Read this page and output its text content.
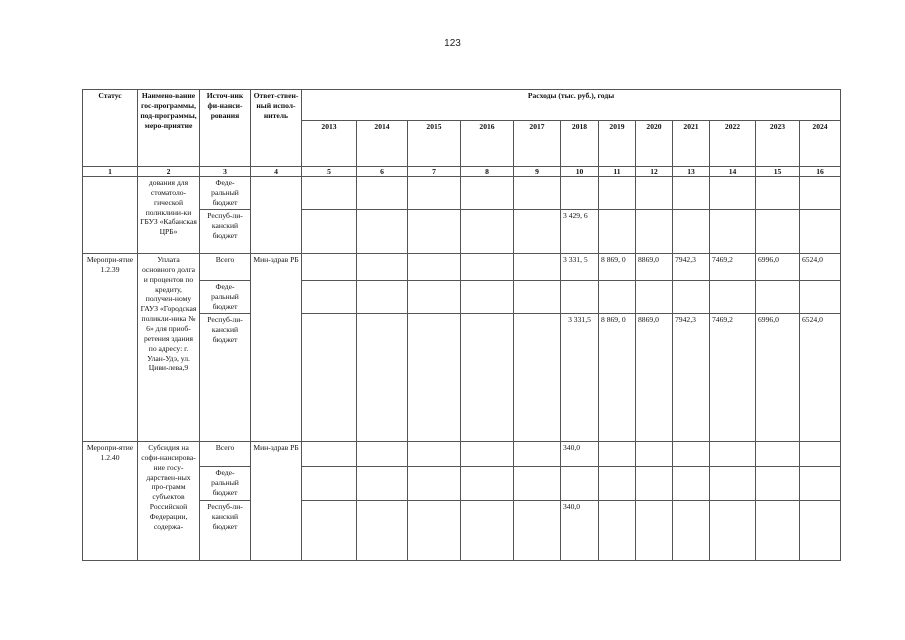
123
Статус	Наимено-вание гос-программы, под-программы, меро-приятие	Источ-ник фи-нанси-рования	Ответ-ствен-ный испол-нитель	Расходы (тыс. руб.), годы											
				2013	2014	2015	2016	2017	2018	2019	2020	2021	2022	2023	2024
1	2	3	4	5	6	7	8	9	10	11	12	13	14	15	16
	дования для стоматоло-гической поликлини-ки ГБУЗ «Кабанская ЦРБ»	Феде-ральный бюджет													
		Респуб-ли-канский бюджет							3 429, 6						
Меропри-ятие 1.2.39	Уплата основного долга и процентов по кредиту, получен-ному ГАУЗ «Городская поликли-ника № 6» для приоб-ретения здания по адресу: г. Улан-Удэ, ул. Циви-лева,9	Всего	Мин-здрав РБ						3 331, 5	8 869, 0	8869,0	7942,3	7469,2	6996,0	6524,0
		Феде-ральный бюджет													
		Респуб-ли-канский бюджет							3 331,5	8 869, 0	8869,0	7942,3	7469,2	6996,0	6524,0
Меропри-ятие 1.2.40	Субсидия на софи-нансирова-ние госу-дарствен-ных про-грамм субъектов Российской Федерации, содержа-	Всего	Мин-здрав РБ						340,0						
		Феде-ральный бюджет													
		Респуб-ли-канский бюджет							340,0						
